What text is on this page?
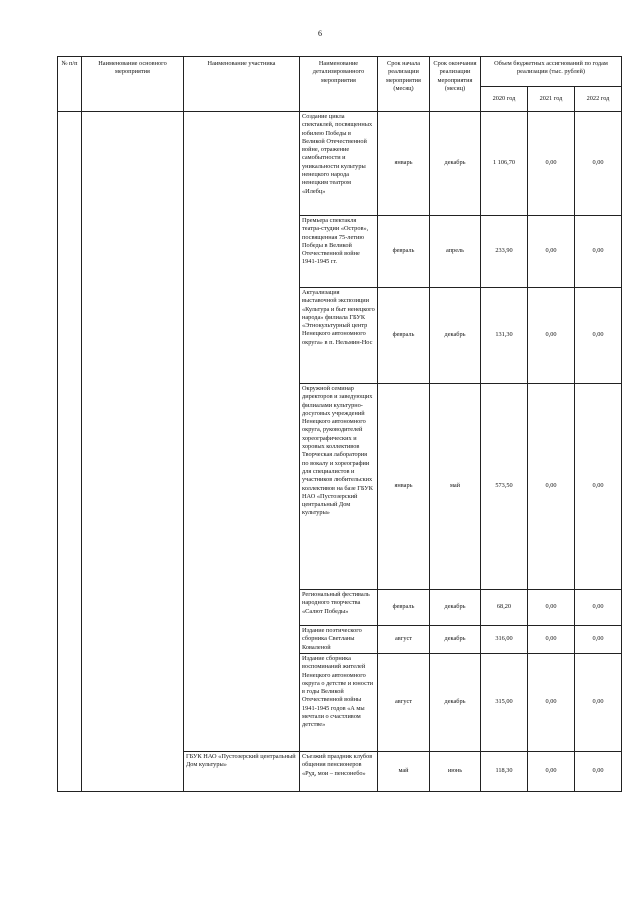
6
№ п/п	Наименование основного мероприятия	Наименование участника	Наименование детализированного мероприятия	Срок начала реализации мероприятия (месяц)	Срок окончания реализации мероприятия (месяц)	Объем бюджетных ассигнований по годам реализации (тыс. рублей)		
						2020 год	2021 год	2022 год
			Создание цикла спектаклей, посвященных юбилею Победы в Великой Отечественной войне, отражение самобытности и уникальности культуры ненецкого народа ненецким театром «Илебц»	январь	декабрь	1 106,70	0,00	0,00
			Премьера спектакля театра-студии «Остров», посвященная 75-летию Победы в Великой Отечественной войне 1941-1945 гг.	февраль	апрель	233,90	0,00	0,00
			Актуализация выставочной экспозиции «Культура и быт ненецкого народа» филиала ГБУК «Этнокультурный центр Ненецкого автономного округа» в п. Нельмин-Нос	февраль	декабрь	131,30	0,00	0,00
			Окружной семинар директоров и заведующих филиалами культурно-досуговых учреждений Ненецкого автономного округа, руководителей хореографических и хоровых коллективов Творческая лаборатория по вокалу и хореографии для специалистов и участников любительских коллективов на базе ГБУК НАО «Пустозерский центральный Дом культуры»	январь	май	573,50	0,00	0,00
			Региональный фестиваль народного творчества «Салют Победы»	февраль	декабрь	68,20	0,00	0,00
			Издание поэтического сборника Светланы Коваленой	август	декабрь	316,00	0,00	0,00
			Издание сборника воспоминаний жителей Ненецкого автономного округа о детстве и юности в годы Великой Отечественной войны 1941-1945 годов «А мы мечтали о счастливом детстве»	август	декабрь	315,00	0,00	0,00
		ГБУК НАО «Пустозерский центральный Дом культуры»	Съезжий праздник клубов общения пенсионеров «Руд, мои – пенсонебо»	май	июнь	118,30	0,00	0,00
